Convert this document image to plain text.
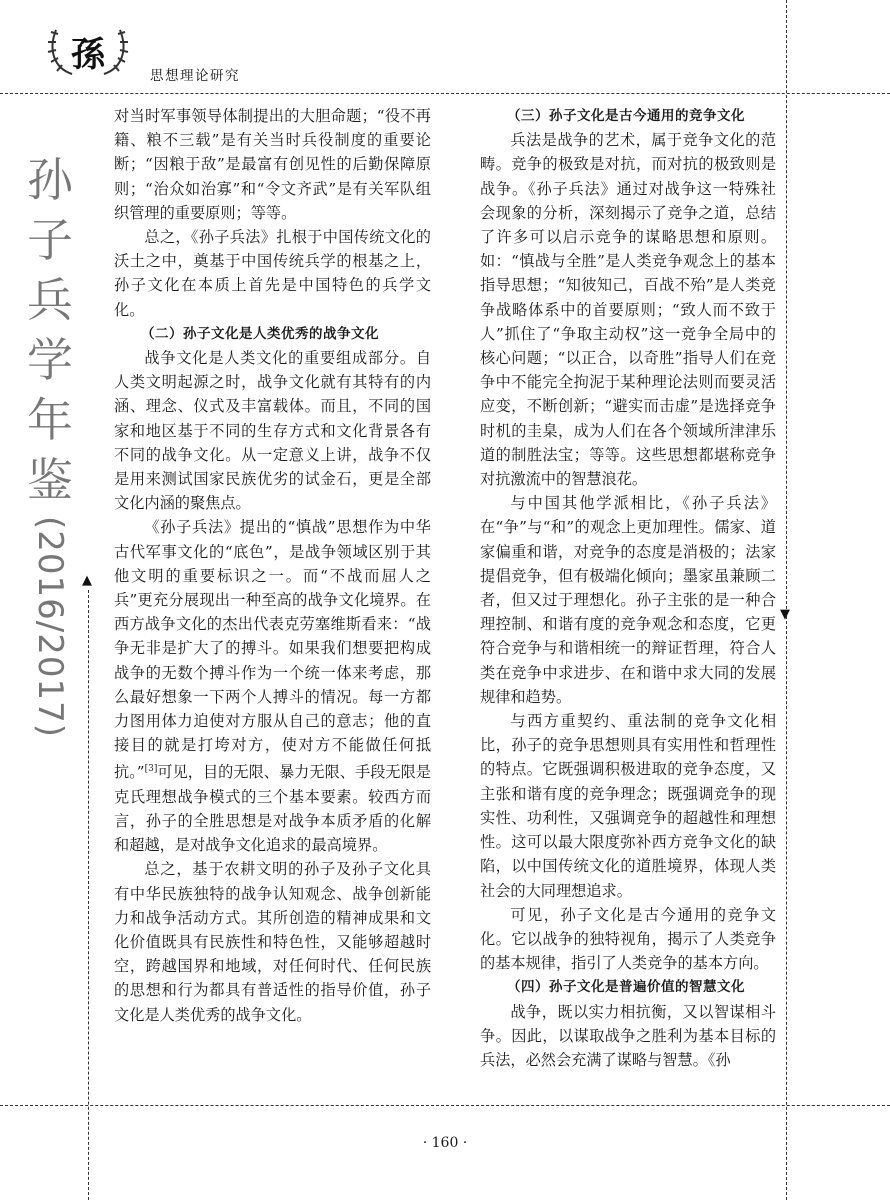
▲
▼
孫
思想理论研究
孙
子
兵
学
年
鉴
(2016/2017)

对当时军事领导体制提出的大胆命题；“役不再籍、粮不三载”是有关当时兵役制度的重要论断；“因粮于敌”是最富有创见性的后勤保障原则；“治众如治寡”和“令文齐武”是有关军队组织管理的重要原则；等等。

总之，《孙子兵法》扎根于中国传统文化的沃土之中，奠基于中国传统兵学的根基之上，孙子文化在本质上首先是中国特色的兵学文化。

（二）孙子文化是人类优秀的战争文化

战争文化是人类文化的重要组成部分。自人类文明起源之时，战争文化就有其特有的内涵、理念、仪式及丰富载体。而且，不同的国家和地区基于不同的生存方式和文化背景各有不同的战争文化。从一定意义上讲，战争不仅是用来测试国家民族优劣的试金石，更是全部文化内涵的聚焦点。

《孙子兵法》提出的“慎战”思想作为中华古代军事文化的“底色”，是战争领域区别于其他文明的重要标识之一。而“不战而屈人之兵”更充分展现出一种至高的战争文化境界。在西方战争文化的杰出代表克劳塞维斯看来：“战争无非是扩大了的搏斗。如果我们想要把构成战争的无数个搏斗作为一个统一体来考虑，那么最好想象一下两个人搏斗的情况。每一方都力图用体力迫使对方服从自己的意志；他的直接目的就是打垮对方，使对方不能做任何抵抗。”[3]可见，目的无限、暴力无限、手段无限是克氏理想战争模式的三个基本要素。较西方而言，孙子的全胜思想是对战争本质矛盾的化解和超越，是对战争文化追求的最高境界。

总之，基于农耕文明的孙子及孙子文化具有中华民族独特的战争认知观念、战争创新能力和战争活动方式。其所创造的精神成果和文化价值既具有民族性和特色性，又能够超越时空，跨越国界和地域，对任何时代、任何民族的思想和行为都具有普适性的指导价值，孙子文化是人类优秀的战争文化。

（三）孙子文化是古今通用的竞争文化

兵法是战争的艺术，属于竞争文化的范畴。竞争的极致是对抗，而对抗的极致则是战争。《孙子兵法》通过对战争这一特殊社会现象的分析，深刻揭示了竞争之道，总结了许多可以启示竞争的谋略思想和原则。如：“慎战与全胜”是人类竞争观念上的基本指导思想；“知彼知己，百战不殆”是人类竞争战略体系中的首要原则；“致人而不致于人”抓住了“争取主动权”这一竞争全局中的核心问题；“以正合，以奇胜”指导人们在竞争中不能完全拘泥于某种理论法则而要灵活应变，不断创新；“避实而击虚”是选择竞争时机的圭臬，成为人们在各个领域所津津乐道的制胜法宝；等等。这些思想都堪称竞争对抗激流中的智慧浪花。

与中国其他学派相比，《孙子兵法》在“争”与“和”的观念上更加理性。儒家、道家偏重和谐，对竞争的态度是消极的；法家提倡竞争，但有极端化倾向；墨家虽兼顾二者，但又过于理想化。孙子主张的是一种合理控制、和谐有度的竞争观念和态度，它更符合竞争与和谐相统一的辩证哲理，符合人类在竞争中求进步、在和谐中求大同的发展规律和趋势。

与西方重契约、重法制的竞争文化相比，孙子的竞争思想则具有实用性和哲理性的特点。它既强调积极进取的竞争态度，又主张和谐有度的竞争理念；既强调竞争的现实性、功利性，又强调竞争的超越性和理想性。这可以最大限度弥补西方竞争文化的缺陷，以中国传统文化的道胜境界，体现人类社会的大同理想追求。

可见，孙子文化是古今通用的竞争文化。它以战争的独特视角，揭示了人类竞争的基本规律，指引了人类竞争的基本方向。

（四）孙子文化是普遍价值的智慧文化

战争，既以实力相抗衡，又以智谋相斗争。因此，以谋取战争之胜利为基本目标的兵法，必然会充满了谋略与智慧。《孙

· 160 ·
